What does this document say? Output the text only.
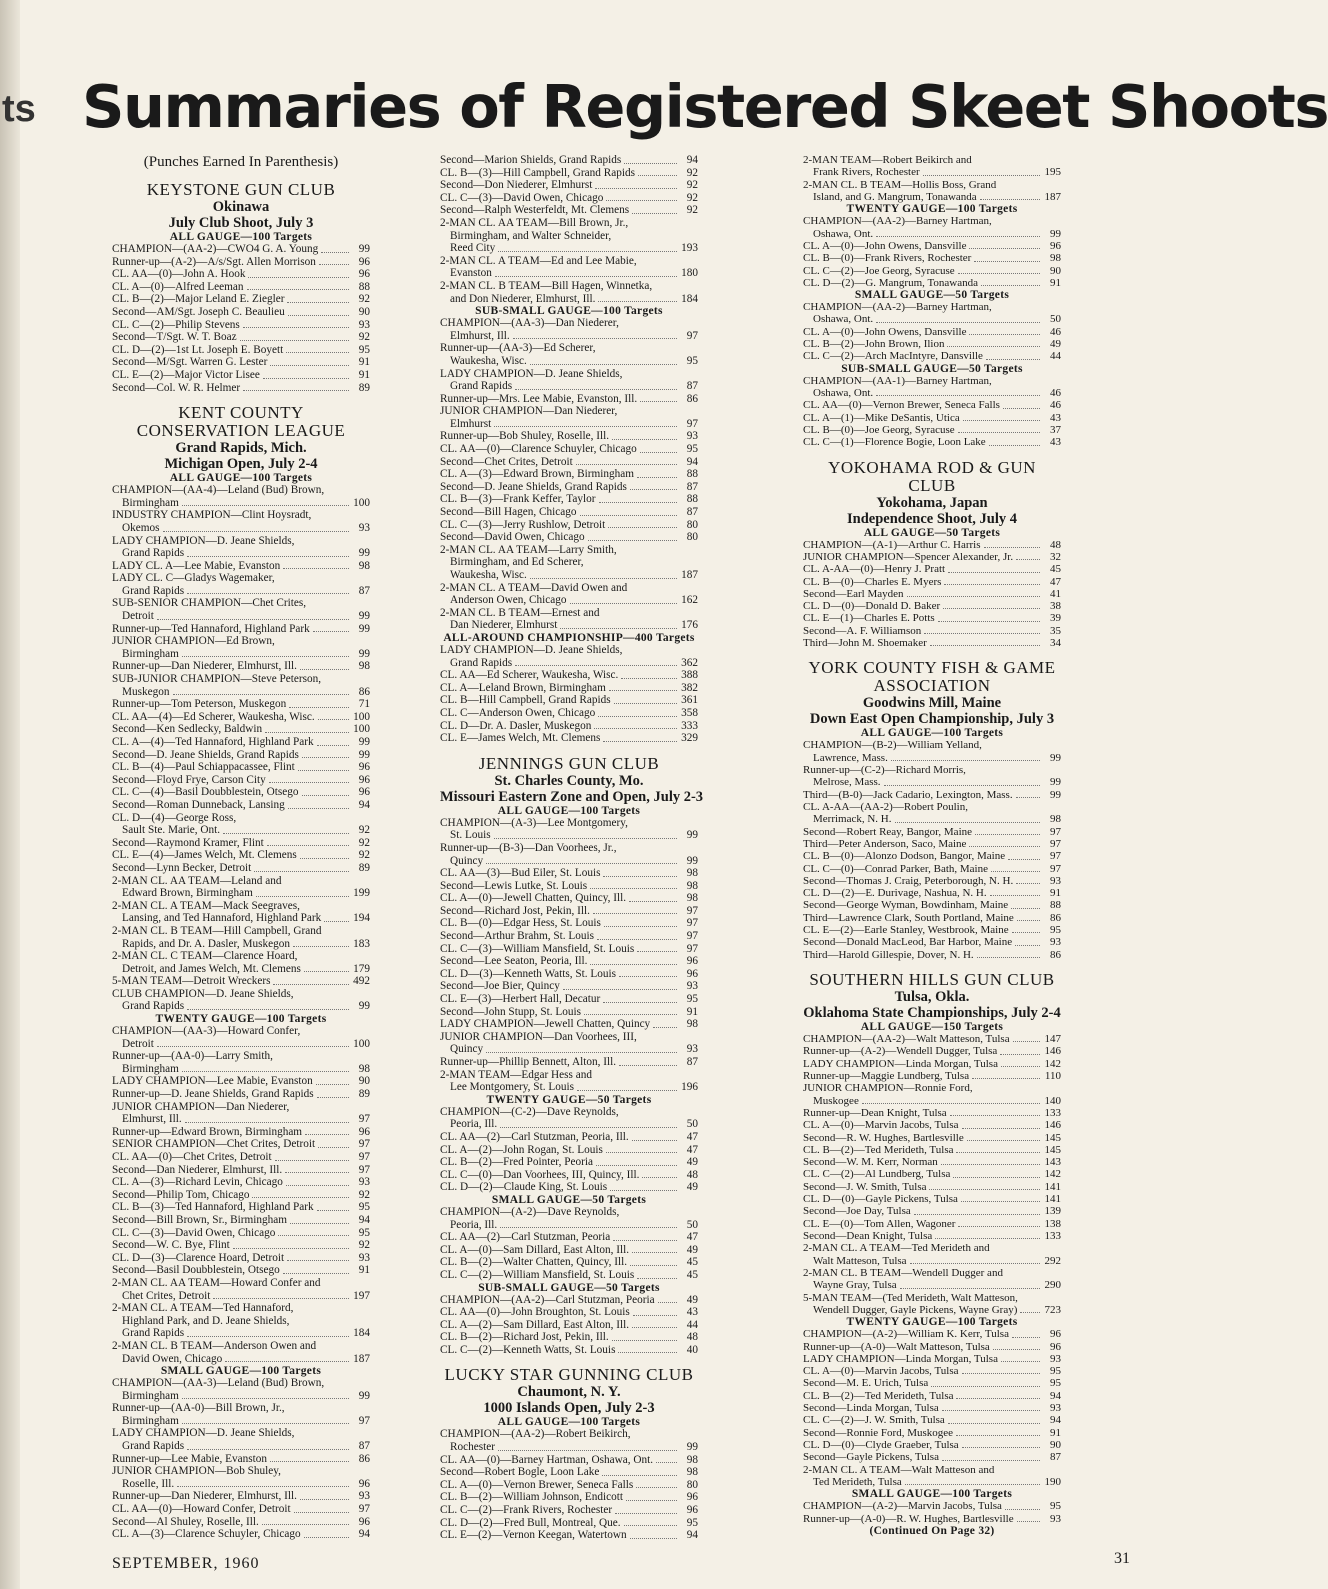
ts Summaries of Registered Skeet Shoots
(Punches Earned In Parenthesis)
KEYSTONE GUN CLUB
Okinawa
July Club Shoot, July 3
ALL GAUGE—100 Targets
CHAMPION—(AA-2)—CWO4 G. A. Young	99
Runner-up—(A-2)—A/s/Sgt. Allen Morrison	96
CL. AA—(0)—John A. Hook	96
CL. A—(0)—Alfred Leeman	88
CL. B—(2)—Major Leland E. Ziegler	92
Second—AM/Sgt. Joseph C. Beaulieu	90
CL. C—(2)—Philip Stevens	93
Second—T/Sgt. W. T. Boaz	92
CL. D—(2)—1st Lt. Joseph E. Boyett	95
Second—M/Sgt. Warren G. Lester	91
CL. E—(2)—Major Victor Lisee	91
Second—Col. W. R. Helmer	89
KENT COUNTY CONSERVATION LEAGUE
Grand Rapids, Mich.
Michigan Open, July 2-4
ALL GAUGE—100 Targets
CHAMPION—(AA-4)—Leland (Bud) Brown,
Birmingham	100
INDUSTRY CHAMPION—Clint Hoysradt,
Okemos	93
LADY CHAMPION—D. Jeane Shields,
Grand Rapids	99
LADY CL. A—Lee Mabie, Evanston	98
LADY CL. C—Gladys Wagemaker,
Grand Rapids	87
SUB-SENIOR CHAMPION—Chet Crites,
Detroit	99
Runner-up—Ted Hannaford, Highland Park	99
JUNIOR CHAMPION—Ed Brown,
Birmingham	99
Runner-up—Dan Niederer, Elmhurst, Ill.	98
SUB-JUNIOR CHAMPION—Steve Peterson,
Muskegon	86
Runner-up—Tom Peterson, Muskegon	71
CL. AA—(4)—Ed Scherer, Waukesha, Wisc.	100
Second—Ken Sedlecky, Baldwin	100
CL. A—(4)—Ted Hannaford, Highland Park	99
Second—D. Jeane Shields, Grand Rapids	99
CL. B—(4)—Paul Schiappacassee, Flint	96
Second—Floyd Frye, Carson City	96
CL. C—(4)—Basil Doubblestein, Otsego	96
Second—Roman Dunneback, Lansing	94
CL. D—(4)—George Ross,
Sault Ste. Marie, Ont.	92
Second—Raymond Kramer, Flint	92
CL. E—(4)—James Welch, Mt. Clemens	92
Second—Lynn Becker, Detroit	89
2-MAN CL. AA TEAM—Leland and
Edward Brown, Birmingham	199
2-MAN CL. A TEAM—Mack Seegraves,
Lansing, and Ted Hannaford, Highland Park	194
2-MAN CL. B TEAM—Hill Campbell, Grand
Rapids, and Dr. A. Dasler, Muskegon	183
2-MAN CL. C TEAM—Clarence Hoard,
Detroit, and James Welch, Mt. Clemens	179
5-MAN TEAM—Detroit Wreckers	492
CLUB CHAMPION—D. Jeane Shields,
Grand Rapids	99
TWENTY GAUGE—100 Targets
CHAMPION—(AA-3)—Howard Confer,
Detroit	100
Runner-up—(AA-0)—Larry Smith,
Birmingham	98
LADY CHAMPION—Lee Mabie, Evanston	90
Runner-up—D. Jeane Shields, Grand Rapids	89
JUNIOR CHAMPION—Dan Niederer,
Elmhurst, Ill.	97
Runner-up—Edward Brown, Birmingham	96
SENIOR CHAMPION—Chet Crites, Detroit	97
CL. AA—(0)—Chet Crites, Detroit	97
Second—Dan Niederer, Elmhurst, Ill.	97
CL. A—(3)—Richard Levin, Chicago	93
Second—Philip Tom, Chicago	92
CL. B—(3)—Ted Hannaford, Highland Park	95
Second—Bill Brown, Sr., Birmingham	94
CL. C—(3)—David Owen, Chicago	95
Second—W. C. Bye, Flint	92
CL. D—(3)—Clarence Hoard, Detroit	93
Second—Basil Doubblestein, Otsego	91
2-MAN CL. AA TEAM—Howard Confer and
Chet Crites, Detroit	197
2-MAN CL. A TEAM—Ted Hannaford,
Highland Park, and D. Jeane Shields,
Grand Rapids	184
2-MAN CL. B TEAM—Anderson Owen and
David Owen, Chicago	187
SMALL GAUGE—100 Targets
CHAMPION—(AA-3)—Leland (Bud) Brown,
Birmingham	99
Runner-up—(AA-0)—Bill Brown, Jr.,
Birmingham	97
LADY CHAMPION—D. Jeane Shields,
Grand Rapids	87
Runner-up—Lee Mabie, Evanston	86
JUNIOR CHAMPION—Bob Shuley,
Roselle, Ill.	96
Runner-up—Dan Niederer, Elmhurst, Ill.	93
CL. AA—(0)—Howard Confer, Detroit	97
Second—Al Shuley, Roselle, Ill.	96
CL. A—(3)—Clarence Schuyler, Chicago	94
Second—Marion Shields, Grand Rapids	94
CL. B—(3)—Hill Campbell, Grand Rapids	92
Second—Don Niederer, Elmhurst	92
CL. C—(3)—David Owen, Chicago	92
Second—Ralph Westerfeldt, Mt. Clemens	92
2-MAN CL. AA TEAM—Bill Brown, Jr.,
Birmingham, and Walter Schneider,
Reed City	193
2-MAN CL. A TEAM—Ed and Lee Mabie,
Evanston	180
2-MAN CL. B TEAM—Bill Hagen, Winnetka,
and Don Niederer, Elmhurst, Ill.	184
SUB-SMALL GAUGE—100 Targets
CHAMPION—(AA-3)—Dan Niederer,
Elmhurst, Ill.	97
Runner-up—(AA-3)—Ed Scherer,
Waukesha, Wisc.	95
LADY CHAMPION—D. Jeane Shields,
Grand Rapids	87
Runner-up—Mrs. Lee Mabie, Evanston, Ill.	86
JUNIOR CHAMPION—Dan Niederer,
Elmhurst	97
Runner-up—Bob Shuley, Roselle, Ill.	93
CL. AA—(0)—Clarence Schuyler, Chicago	95
Second—Chet Crites, Detroit	94
CL. A—(3)—Edward Brown, Birmingham	88
Second—D. Jeane Shields, Grand Rapids	87
CL. B—(3)—Frank Keffer, Taylor	88
Second—Bill Hagen, Chicago	87
CL. C—(3)—Jerry Rushlow, Detroit	80
Second—David Owen, Chicago	80
2-MAN CL. AA TEAM—Larry Smith,
Birmingham, and Ed Scherer,
Waukesha, Wisc.	187
2-MAN CL. A TEAM—David Owen and
Anderson Owen, Chicago	162
2-MAN CL. B TEAM—Ernest and
Dan Niederer, Elmhurst	176
ALL-AROUND CHAMPIONSHIP—400 Targets
LADY CHAMPION—D. Jeane Shields,
Grand Rapids	362
CL. AA—Ed Scherer, Waukesha, Wisc.	388
CL. A—Leland Brown, Birmingham	382
CL. B—Hill Campbell, Grand Rapids	361
CL. C—Anderson Owen, Chicago	358
CL. D—Dr. A. Dasler, Muskegon	333
CL. E—James Welch, Mt. Clemens	329
JENNINGS GUN CLUB
St. Charles County, Mo.
Missouri Eastern Zone and Open, July 2-3
ALL GAUGE—100 Targets
CHAMPION—(A-3)—Lee Montgomery,
St. Louis	99
Runner-up—(B-3)—Dan Voorhees, Jr.,
Quincy	99
CL. AA—(3)—Bud Eiler, St. Louis	98
Second—Lewis Lutke, St. Louis	98
CL. A—(0)—Jewell Chatten, Quincy, Ill.	98
Second—Richard Jost, Pekin, Ill.	97
CL. B—(0)—Edgar Hess, St. Louis	97
Second—Arthur Brahm, St. Louis	97
CL. C—(3)—William Mansfield, St. Louis	97
Second—Lee Seaton, Peoria, Ill.	96
CL. D—(3)—Kenneth Watts, St. Louis	96
Second—Joe Bier, Quincy	93
CL. E—(3)—Herbert Hall, Decatur	95
Second—John Stupp, St. Louis	91
LADY CHAMPION—Jewell Chatten, Quincy	98
JUNIOR CHAMPION—Dan Voorhees, III,
Quincy	93
Runner-up—Phillip Bennett, Alton, Ill.	87
2-MAN TEAM—Edgar Hess and
Lee Montgomery, St. Louis	196
TWENTY GAUGE—50 Targets
CHAMPION—(C-2)—Dave Reynolds,
Peoria, Ill.	50
CL. AA—(2)—Carl Stutzman, Peoria, Ill.	47
CL. A—(2)—John Rogan, St. Louis	47
CL. B—(2)—Fred Pointer, Peoria	49
CL. C—(0)—Dan Voorhees, III, Quincy, Ill.	48
CL. D—(2)—Claude King, St. Louis	49
SMALL GAUGE—50 Targets
CHAMPION—(A-2)—Dave Reynolds,
Peoria, Ill.	50
CL. AA—(2)—Carl Stutzman, Peoria	47
CL. A—(0)—Sam Dillard, East Alton, Ill.	49
CL. B—(2)—Walter Chatten, Quincy, Ill.	45
CL. C—(2)—William Mansfield, St. Louis	45
SUB-SMALL GAUGE—50 Targets
CHAMPION—(AA-2)—Carl Stutzman, Peoria	49
CL. AA—(0)—John Broughton, St. Louis	43
CL. A—(2)—Sam Dillard, East Alton, Ill.	44
CL. B—(2)—Richard Jost, Pekin, Ill.	48
CL. C—(2)—Kenneth Watts, St. Louis	40
LUCKY STAR GUNNING CLUB
Chaumont, N. Y.
1000 Islands Open, July 2-3
ALL GAUGE—100 Targets
CHAMPION—(AA-2)—Robert Beikirch,
Rochester	99
CL. AA—(0)—Barney Hartman, Oshawa, Ont.	98
Second—Robert Bogle, Loon Lake	98
CL. A—(0)—Vernon Brewer, Seneca Falls	80
CL. B—(2)—William Johnson, Endicott	96
CL. C—(2)—Frank Rivers, Rochester	96
CL. D—(2)—Fred Bull, Montreal, Que.	95
CL. E—(2)—Vernon Keegan, Watertown	94
2-MAN TEAM—Robert Beikirch and
Frank Rivers, Rochester	195
2-MAN CL. B TEAM—Hollis Boss, Grand
Island, and G. Mangrum, Tonawanda	187
TWENTY GAUGE—100 Targets
CHAMPION—(AA-2)—Barney Hartman,
Oshawa, Ont.	99
CL. A—(0)—John Owens, Dansville	96
CL. B—(0)—Frank Rivers, Rochester	98
CL. C—(2)—Joe Georg, Syracuse	90
CL. D—(2)—G. Mangrum, Tonawanda	91
SMALL GAUGE—50 Targets
CHAMPION—(AA-2)—Barney Hartman,
Oshawa, Ont.	50
CL. A—(0)—John Owens, Dansville	46
CL. B—(2)—John Brown, Ilion	49
CL. C—(2)—Arch MacIntyre, Dansville	44
SUB-SMALL GAUGE—50 Targets
CHAMPION—(AA-1)—Barney Hartman,
Oshawa, Ont.	46
CL. AA—(0)—Vernon Brewer, Seneca Falls	46
CL. A—(1)—Mike DeSantis, Utica	43
CL. B—(0)—Joe Georg, Syracuse	37
CL. C—(1)—Florence Bogie, Loon Lake	43
YOKOHAMA ROD & GUN CLUB
Yokohama, Japan
Independence Shoot, July 4
ALL GAUGE—50 Targets
CHAMPION—(A-1)—Arthur C. Harris	48
JUNIOR CHAMPION—Spencer Alexander, Jr.	32
CL. A-AA—(0)—Henry J. Pratt	45
CL. B—(0)—Charles E. Myers	47
Second—Earl Mayden	41
CL. D—(0)—Donald D. Baker	38
CL. E—(1)—Charles E. Potts	39
Second—A. F. Williamson	35
Third—John M. Shoemaker	34
YORK COUNTY FISH & GAME ASSOCIATION
Goodwins Mill, Maine
Down East Open Championship, July 3
ALL GAUGE—100 Targets
CHAMPION—(B-2)—William Yelland,
Lawrence, Mass.	99
Runner-up—(C-2)—Richard Morris,
Melrose, Mass.	99
Third—(B-0)—Jack Cadario, Lexington, Mass.	99
CL. A-AA—(AA-2)—Robert Poulin,
Merrimack, N. H.	98
Second—Robert Reay, Bangor, Maine	97
Third—Peter Anderson, Saco, Maine	97
CL. B—(0)—Alonzo Dodson, Bangor, Maine	97
CL. C—(0)—Conrad Parker, Bath, Maine	97
Second—Thomas J. Craig, Peterborough, N. H.	93
CL. D—(2)—E. Durivage, Nashua, N. H.	91
Second—George Wyman, Bowdinham, Maine	88
Third—Lawrence Clark, South Portland, Maine	86
CL. E—(2)—Earle Stanley, Westbrook, Maine	95
Second—Donald MacLeod, Bar Harbor, Maine	93
Third—Harold Gillespie, Dover, N. H.	86
SOUTHERN HILLS GUN CLUB
Tulsa, Okla.
Oklahoma State Championships, July 2-4
ALL GAUGE—150 Targets
CHAMPION—(AA-2)—Walt Matteson, Tulsa	147
Runner-up—(A-2)—Wendell Dugger, Tulsa	146
LADY CHAMPION—Linda Morgan, Tulsa	142
Runner-up—Maggie Lundberg, Tulsa	110
JUNIOR CHAMPION—Ronnie Ford,
Muskogee	140
Runner-up—Dean Knight, Tulsa	133
CL. A—(0)—Marvin Jacobs, Tulsa	146
Second—R. W. Hughes, Bartlesville	145
CL. B—(2)—Ted Merideth, Tulsa	145
Second—W. M. Kerr, Norman	143
CL. C—(2)—Al Lundberg, Tulsa	142
Second—J. W. Smith, Tulsa	141
CL. D—(0)—Gayle Pickens, Tulsa	141
Second—Joe Day, Tulsa	139
CL. E—(0)—Tom Allen, Wagoner	138
Second—Dean Knight, Tulsa	133
2-MAN CL. A TEAM—Ted Merideth and
Walt Matteson, Tulsa	292
2-MAN CL. B TEAM—Wendell Dugger and
Wayne Gray, Tulsa	290
5-MAN TEAM—(Ted Merideth, Walt Matteson,
Wendell Dugger, Gayle Pickens, Wayne Gray) 723
TWENTY GAUGE—100 Targets
CHAMPION—(A-2)—William K. Kerr, Tulsa	96
Runner-up—(A-0)—Walt Matteson, Tulsa	96
LADY CHAMPION—Linda Morgan, Tulsa	93
CL. A—(0)—Marvin Jacobs, Tulsa	95
Second—M. E. Urich, Tulsa	95
CL. B—(2)—Ted Merideth, Tulsa	94
Second—Linda Morgan, Tulsa	93
CL. C—(2)—J. W. Smith, Tulsa	94
Second—Ronnie Ford, Muskogee	91
CL. D—(0)—Clyde Graeber, Tulsa	90
Second—Gayle Pickens, Tulsa	87
2-MAN CL. A TEAM—Walt Matteson and
Ted Merideth, Tulsa	190
SMALL GAUGE—100 Targets
CHAMPION—(A-2)—Marvin Jacobs, Tulsa	95
Runner-up—(A-0)—R. W. Hughes, Bartlesville	93
(Continued On Page 32)
SEPTEMBER, 1960	31
